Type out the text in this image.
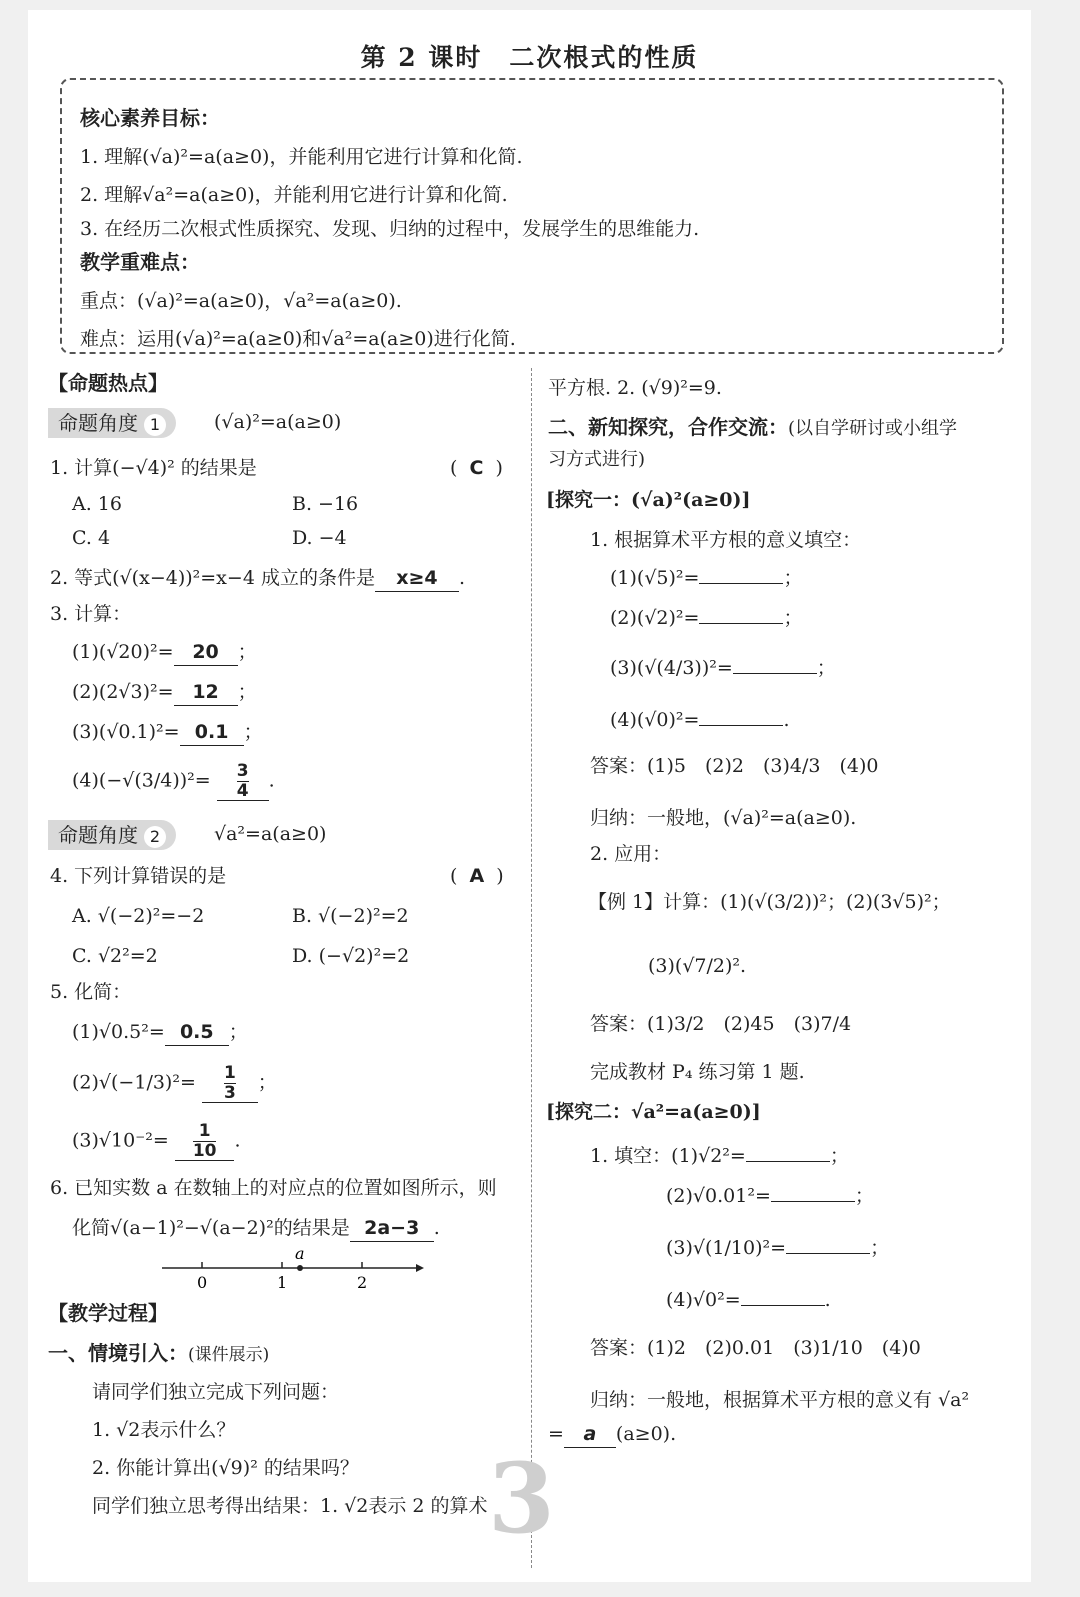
第 2 课时　二次根式的性质
核心素养目标：
1. 理解(√a)²=a(a≥0)，并能利用它进行计算和化简.
2. 理解√a²=a(a≥0)，并能利用它进行计算和化简.
3. 在经历二次根式性质探究、发现、归纳的过程中，发展学生的思维能力.
教学重难点：
重点：(√a)²=a(a≥0)，√a²=a(a≥0).
难点：运用(√a)²=a(a≥0)和√a²=a(a≥0)进行化简.
【命题热点】
命题角度 1	(√a)²=a(a≥0)
1. 计算(−√4)² 的结果是	(  C  )
A. 16	B. −16
C. 4	D. −4
2. 等式(√(x−4))²=x−4 成立的条件是 x≥4 .
3. 计算：
(1)(√20)²= 20 ；
(2)(2√3)²= 12 ；
(3)(√0.1)²= 0.1 ；
$(4)(-√(3/4))^2= \frac{3}{4}$ .
命题角度 2	√a²=a(a≥0)
4. 下列计算错误的是	(  A  )
A. √(−2)²=−2	B. √(−2)²=2
C. √2²=2	D. (−√2)²=2
5. 化简：
(1)√0.5²= 0.5 ；
$(2)√(-1/3)^2= \frac{1}{3}$ ；
$(3)√10^{-2}= \frac{1}{10}$ .
6. 已知实数 a 在数轴上的对应点的位置如图所示，则
化简√(a−1)²−√(a−2)²的结果是 2a−3 .
0	1	2
a
【教学过程】
一、情境引入：(课件展示)
请同学们独立完成下列问题：
1. √2表示什么？
2. 你能计算出(√9)² 的结果吗？
同学们独立思考得出结果：1. √2表示 2 的算术
平方根. 2. (√9)²=9.
二、新知探究，合作交流：(以自学研讨或小组学
习方式进行)
[探究一：(√a)²(a≥0)]
1. 根据算术平方根的意义填空：
(1)(√5)²=	；
(2)(√2)²=	；
(3)(√(4/3))²=	；
(4)(√0)²=	.
答案：(1)5　(2)2　(3)4/3　(4)0
归纳：一般地，(√a)²=a(a≥0).
2. 应用：
【例 1】计算：(1)(√(3/2))²；(2)(3√5)²；
(3)(√7/2)².
答案：(1)3/2　(2)45　(3)7/4
完成教材 P₄ 练习第 1 题.
[探究二：√a²=a(a≥0)]
1. 填空：(1)√2²=	；
(2)√0.01²=	；
(3)√(1/10)²=	；
(4)√0²=	.
答案：(1)2　(2)0.01　(3)1/10　(4)0
归纳：一般地，根据算术平方根的意义有 √a²
= a (a≥0).
3
